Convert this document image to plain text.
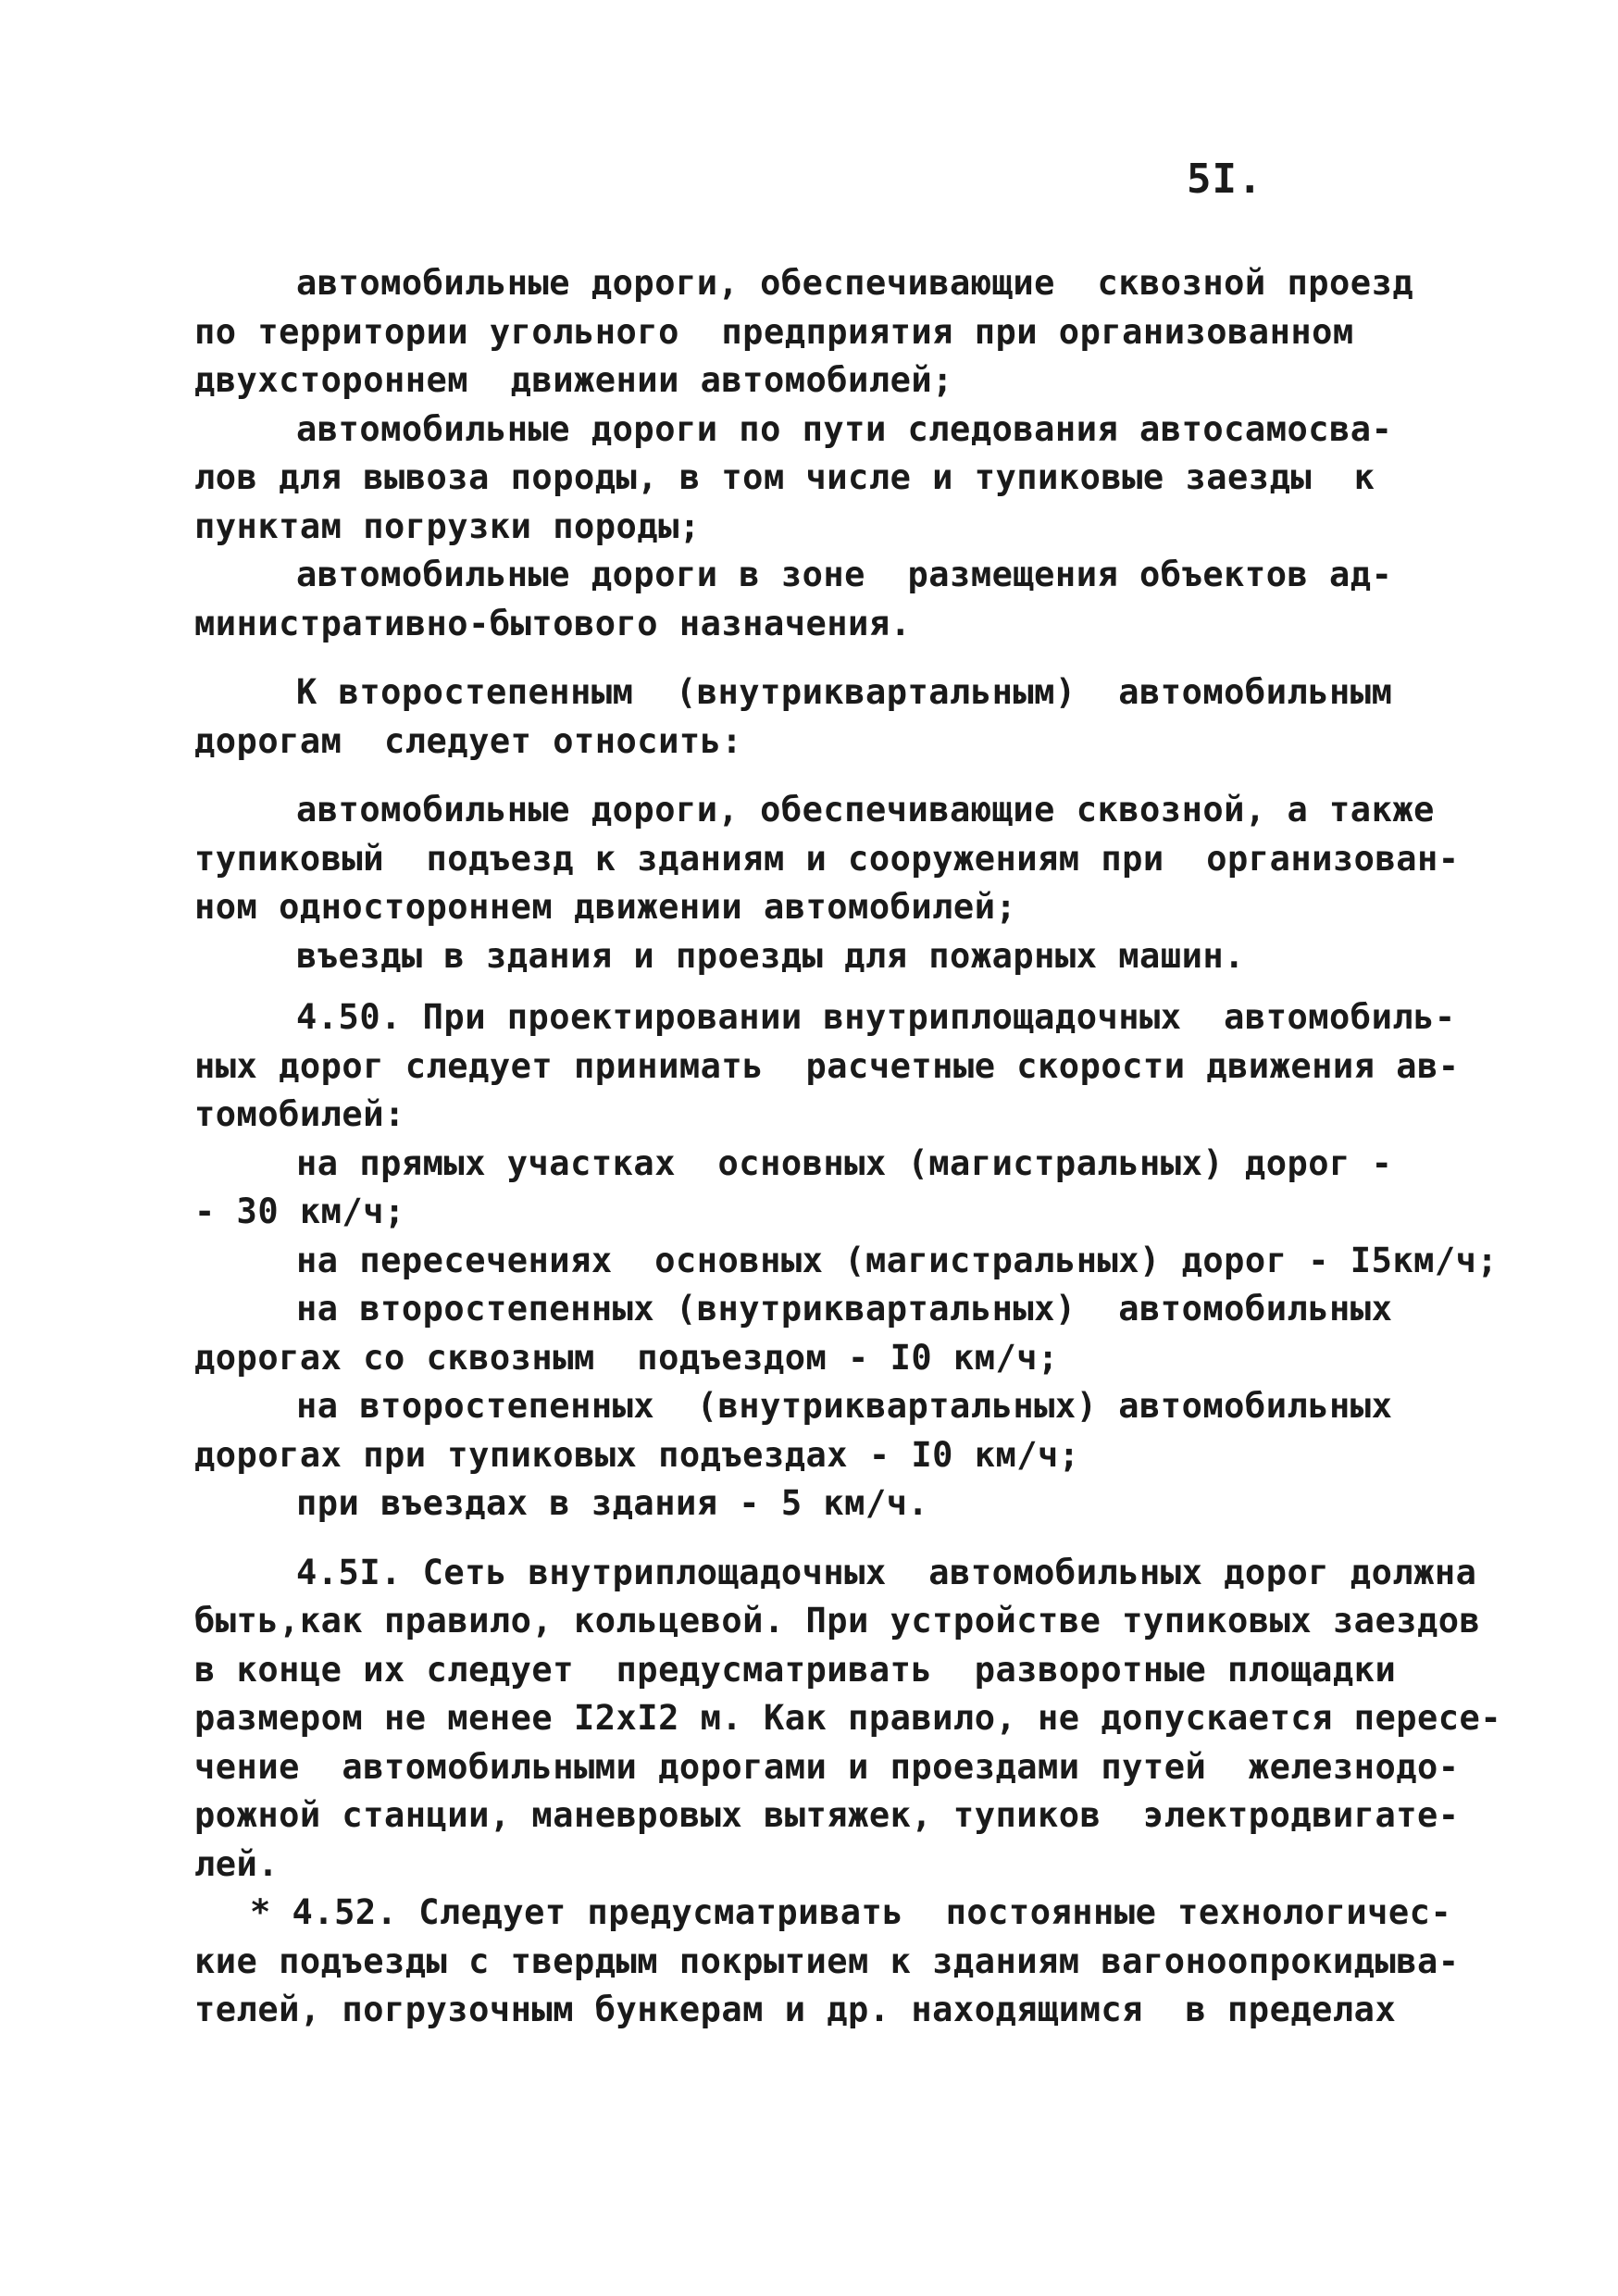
5I.
автомобильные дороги, обеспечивающие  сквозной проезд
по территории угольного  предприятия при организованном
двухстороннем  движении автомобилей;
автомобильные дороги по пути следования автосамосва-
лов для вывоза породы, в том числе и тупиковые заезды  к
пунктам погрузки породы;
автомобильные дороги в зоне  размещения объектов ад-
министративно-бытового назначения.
К второстепенным  (внутриквартальным)  автомобильным
дорогам  следует относить:
автомобильные дороги, обеспечивающие сквозной, а также
тупиковый  подъезд к зданиям и сооружениям при  организован-
ном одностороннем движении автомобилей;
въезды в здания и проезды для пожарных машин.
4.50. При проектировании внутриплощадочных  автомобиль-
ных дорог следует принимать  расчетные скорости движения ав-
томобилей:
на прямых участках  основных (магистральных) дорог -
- 30 км/ч;
на пересечениях  основных (магистральных) дорог - I5км/ч;
на второстепенных (внутриквартальных)  автомобильных
дорогах со сквозным  подъездом - I0 км/ч;
на второстепенных  (внутриквартальных) автомобильных
дорогах при тупиковых подъездах - I0 км/ч;
при въездах в здания - 5 км/ч.
4.5I. Сеть внутриплощадочных  автомобильных дорог должна
быть,как правило, кольцевой. При устройстве тупиковых заездов
в конце их следует  предусматривать  разворотные площадки
размером не менее I2xI2 м. Как правило, не допускается пересе-
чение  автомобильными дорогами и проездами путей  железнодо-
рожной станции, маневровых вытяжек, тупиков  электродвигате-
лей.
* 4.52. Следует предусматривать  постоянные технологичес-
кие подъезды с твердым покрытием к зданиям вагоноопрокидыва-
телей, погрузочным бункерам и др. находящимся  в пределах
